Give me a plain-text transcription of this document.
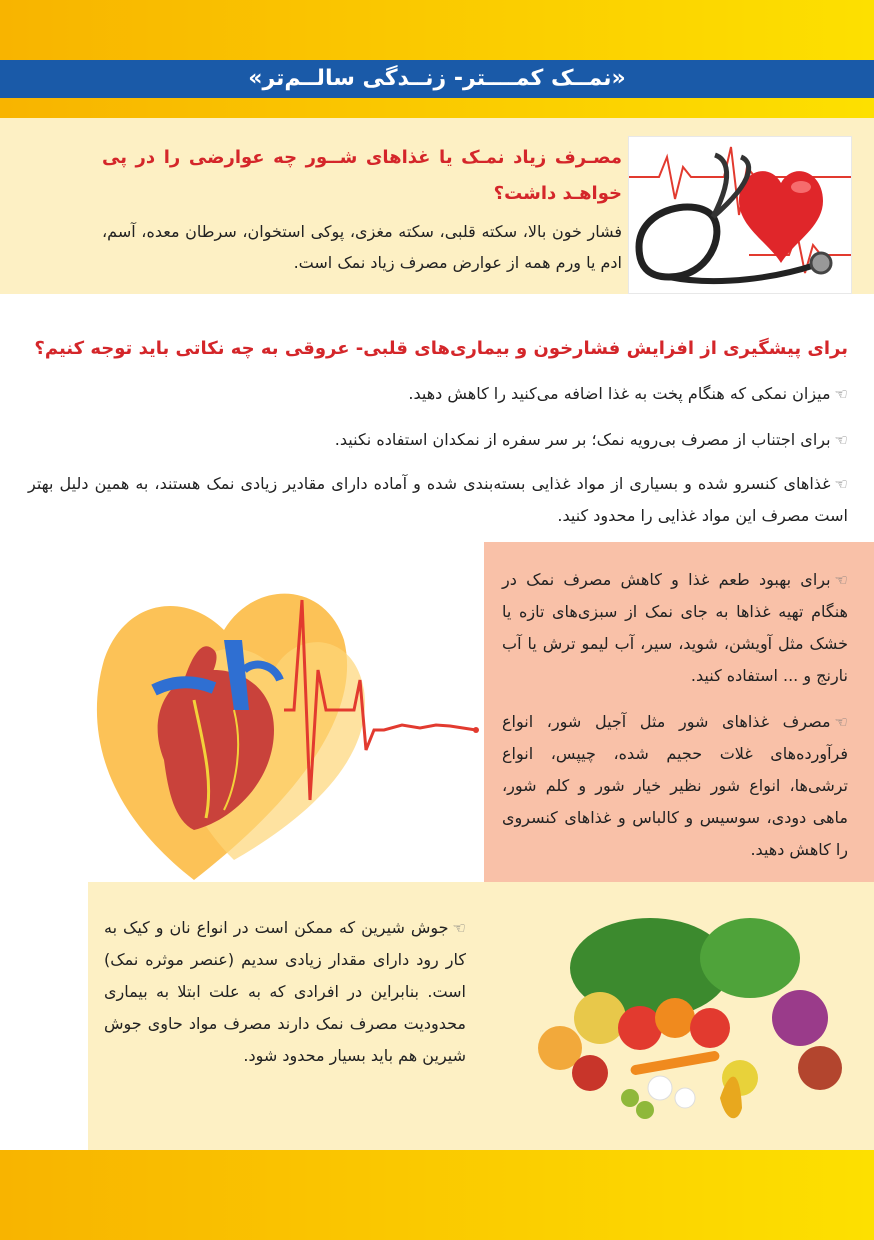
«نمــک کمــــتر- زنــدگی سالــم‌تر»
مصـرف زیاد نمـک یا غذاهای شــور چه عوارضی را در پی خواهـد داشت؟
فشار خون بالا، سکته قلبی، سکته مغزی، پوکی استخوان، سرطان معده، آسم، ادم یا ورم همه از عوارض مصرف زیاد نمک است.
برای پیشگیری از افزایش فشارخون و بیماری‌های قلبی- عروقی به چه نکاتی باید توجه کنیم؟
☜میزان نمکی که هنگام پخت به غذا اضافه می‌کنید را کاهش دهید.
☜برای اجتناب از مصرف بی‌رویه نمک؛ بر سر سفره از نمکدان استفاده نکنید.
☜غذاهای کنسرو شده و بسیاری از مواد غذایی بسته‌بندی شده و آماده دارای مقادیر زیادی نمک هستند، به همین دلیل بهتر است مصرف این مواد غذایی را محدود کنید.
☜برای بهبود طعم غذا و کاهش مصرف نمک در هنگام تهیه غذاها به جای نمک از سبزی‌های تازه یا خشک مثل آویشن، شوید، سیر، آب لیمو ترش یا آب نارنج و ... استفاده کنید.
☜مصرف غذاهای شور مثل آجیل شور، انواع فرآورده‌های غلات حجیم شده، چیپس، انواع ترشی‌ها، انواع شور نظیر خیار شور و کلم شور، ماهی دودی، سوسیس و کالباس و غذاهای کنسروی را کاهش دهید.
☜جوش شیرین که ممکن است در انواع نان و کیک به کار رود دارای مقدار زیادی سدیم (عنصر موثره نمک) است. بنابراین در افرادی که به علت ابتلا به بیماری محدودیت مصرف نمک دارند مصرف مواد حاوی جوش شیرین هم باید بسیار محدود شود.
